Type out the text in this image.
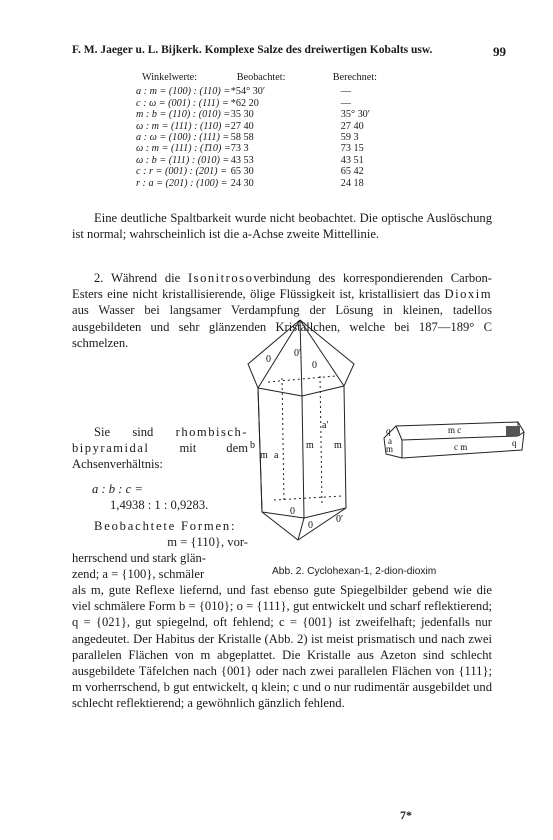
F. M. Jaeger u. L. Bijkerk. Komplexe Salze des dreiwertigen Kobalts usw.	99
Winkelwerte:	Beobachtet:	Berechnet:
a : m = (100) : (110) =	*54° 30′	—
c : ω = (001) : (111) =	*62 20	—
m : b = (110) : (010) =	35 30	35° 30′
ω : m = (111) : (110) =	27 40	27 40
a : ω = (100) : (111) =	58 58	59 3
ω : m = (111) : (1̄10) =	73 3	73 15
ω : b = (111) : (010) =	43 53	43 51
c : r = (001) : (201) =	65 30	65 42
r : a = (201) : (100) =	24 30	24 18

Eine deutliche Spaltbarkeit wurde nicht beobachtet. Die optische Auslöschung ist normal; wahrscheinlich ist die a-Achse zweite Mittellinie.

2. Während die Isonitrosoverbindung des korrespondierenden Carbon-Esters eine nicht kristallisierende, ölige Flüssigkeit ist, kristallisiert das Dioxim aus Wasser bei langsamer Verdampfung der Lösung in kleinen, tadellos ausgebildeten und sehr glänzenden Kriställchen, welche bei 187—189° C schmelzen.

Sie sind rhombisch-bipyramidal mit dem Achsenverhältnis:

a : b : c =
1,4938 : 1 : 0,9283.
Beobachtete Formen:
m = {110}, vor-
herrschend und stark glän-
zend; a = {100}, schmäler

als m, gute Reflexe liefernd, und fast ebenso gute Spiegelbilder gebend wie die viel schmälere Form b = {010}; o = {111}, gut entwickelt und scharf reflektierend; q = {021}, gut spiegelnd, oft fehlend; c = {001} ist zweifelhaft; jedenfalls nur angedeutet. Der Habitus der Kristalle (Abb. 2) ist meist prismatisch und nach zwei parallelen Flächen von m abgeplattet. Die Kristalle aus Azeton sind schlecht ausgebildete Täfelchen nach {001} oder nach zwei parallelen Flächen von {111}; m vorherrschend, b gut entwickelt, q klein; c und o nur rudimentär ausgebildet und schlecht reflektierend; a gewöhnlich gänzlich fehlend.

0
0′
0
b
m a
m
a′
m
0
0′
0
q
a
m
m c
c m	q
Abb. 2. Cyclohexan-1, 2-dion-dioxim
7*
